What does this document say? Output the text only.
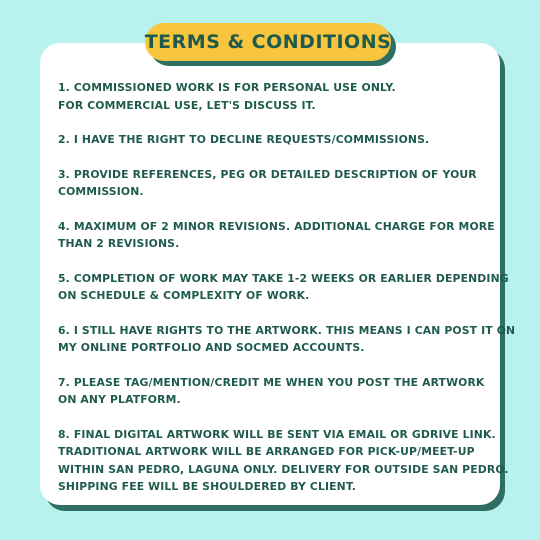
TERMS & CONDITIONS
1. COMMISSIONED WORK IS FOR PERSONAL USE ONLY.
FOR COMMERCIAL USE, LET'S DISCUSS IT.
2. I HAVE THE RIGHT TO DECLINE REQUESTS/COMMISSIONS.
3. PROVIDE REFERENCES, PEG OR DETAILED DESCRIPTION OF YOUR
COMMISSION.
4. MAXIMUM OF 2 MINOR REVISIONS. ADDITIONAL CHARGE FOR MORE
THAN 2 REVISIONS.
5. COMPLETION OF WORK MAY TAKE 1-2 WEEKS OR EARLIER DEPENDING
ON SCHEDULE & COMPLEXITY OF WORK.
6. I STILL HAVE RIGHTS TO THE ARTWORK. THIS MEANS I CAN POST IT ON
MY ONLINE PORTFOLIO AND SOCMED ACCOUNTS.
7. PLEASE TAG/MENTION/CREDIT ME WHEN YOU POST THE ARTWORK
ON ANY PLATFORM.
8. FINAL DIGITAL ARTWORK WILL BE SENT VIA EMAIL OR GDRIVE LINK.
TRADITIONAL ARTWORK WILL BE ARRANGED FOR PICK-UP/MEET-UP
WITHIN SAN PEDRO, LAGUNA ONLY. DELIVERY FOR OUTSIDE SAN PEDRO.
SHIPPING FEE WILL BE SHOULDERED BY CLIENT.
